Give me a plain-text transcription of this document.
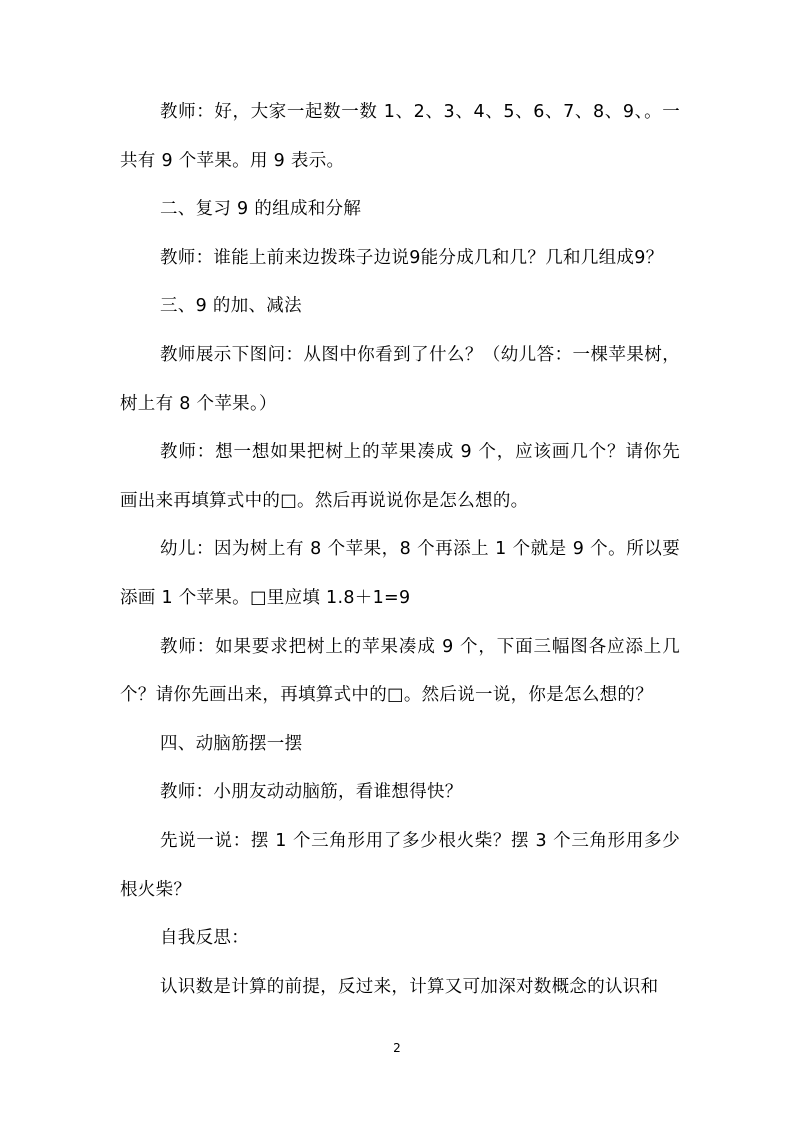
教师：好，大家一起数一数 1、2、3、4、5、6、7、8、9、。一共有 9 个苹果。用 9 表示。

二、复习 9 的组成和分解

教师：谁能上前来边拨珠子边说9能分成几和几？几和几组成9？

三、9 的加、减法

教师展示下图问：从图中你看到了什么？（幼儿答：一棵苹果树，树上有 8 个苹果。）

教师：想一想如果把树上的苹果凑成 9 个，应该画几个？请你先画出来再填算式中的□。然后再说说你是怎么想的。

幼儿：因为树上有 8 个苹果，8 个再添上 1 个就是 9 个。所以要添画 1 个苹果。□里应填 1.8＋1=9

教师：如果要求把树上的苹果凑成 9 个，下面三幅图各应添上几个？请你先画出来，再填算式中的□。然后说一说，你是怎么想的？

四、动脑筋摆一摆

教师：小朋友动动脑筋，看谁想得快？

先说一说：摆 1 个三角形用了多少根火柴？摆 3 个三角形用多少根火柴？

自我反思：

认识数是计算的前提，反过来，计算又可加深对数概念的认识和

2
